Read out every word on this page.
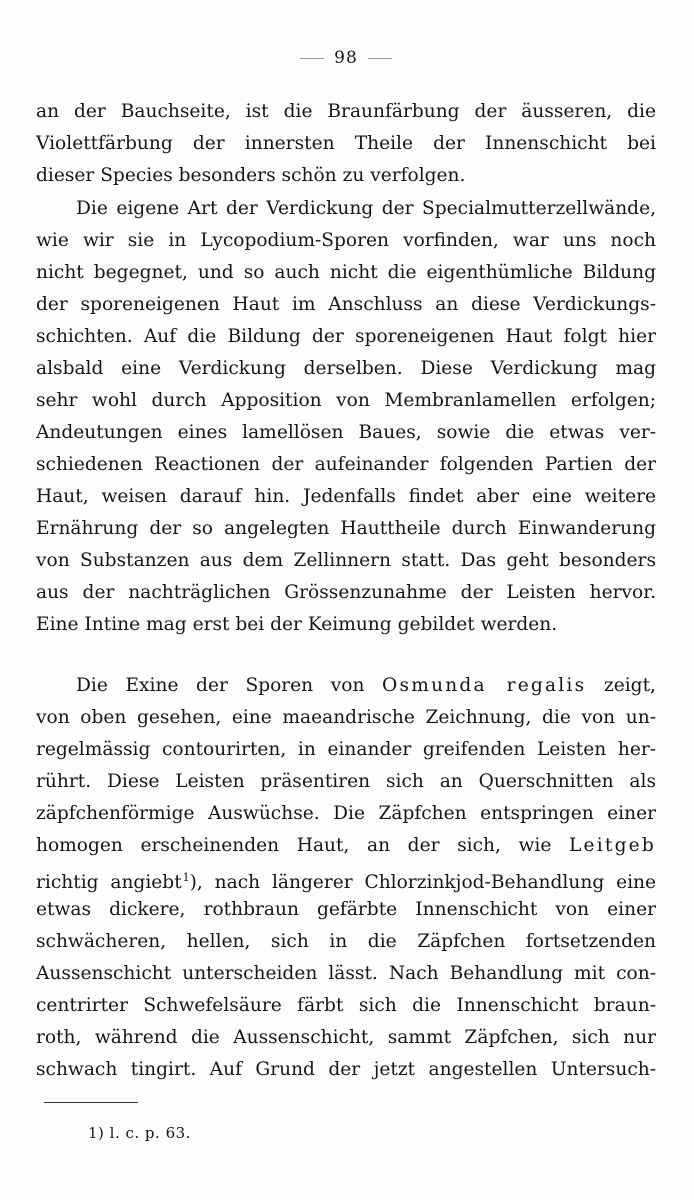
98
an der Bauchseite, ist die Braunfärbung der äusseren, die
Violettfärbung der innersten Theile der Innenschicht bei
dieser Species besonders schön zu verfolgen.
Die eigene Art der Verdickung der Specialmutterzellwände,
wie wir sie in Lycopodium-Sporen vorfinden, war uns noch
nicht begegnet, und so auch nicht die eigenthümliche Bildung
der sporeneigenen Haut im Anschluss an diese Verdickungs-
schichten. Auf die Bildung der sporeneigenen Haut folgt hier
alsbald eine Verdickung derselben. Diese Verdickung mag
sehr wohl durch Apposition von Membranlamellen erfolgen;
Andeutungen eines lamellösen Baues, sowie die etwas ver-
schiedenen Reactionen der aufeinander folgenden Partien der
Haut, weisen darauf hin. Jedenfalls findet aber eine weitere
Ernährung der so angelegten Hauttheile durch Einwanderung
von Substanzen aus dem Zellinnern statt. Das geht besonders
aus der nachträglichen Grössenzunahme der Leisten hervor.
Eine Intine mag erst bei der Keimung gebildet werden.
Die Exine der Sporen von Osmunda regalis zeigt,
von oben gesehen, eine maeandrische Zeichnung, die von un-
regelmässig contourirten, in einander greifenden Leisten her-
rührt. Diese Leisten präsentiren sich an Querschnitten als
zäpfchenförmige Auswüchse. Die Zäpfchen entspringen einer
homogen erscheinenden Haut, an der sich, wie Leitgeb
richtig angiebt$^1$), nach längerer Chlorzinkjod-Behandlung eine
etwas dickere, rothbraun gefärbte Innenschicht von einer
schwächeren, hellen, sich in die Zäpfchen fortsetzenden
Aussenschicht unterscheiden lässt. Nach Behandlung mit con-
centrirter Schwefelsäure färbt sich die Innenschicht braun-
roth, während die Aussenschicht, sammt Zäpfchen, sich nur
schwach tingirt. Auf Grund der jetzt angestellen Untersuch-
1) l. c. p. 63.
